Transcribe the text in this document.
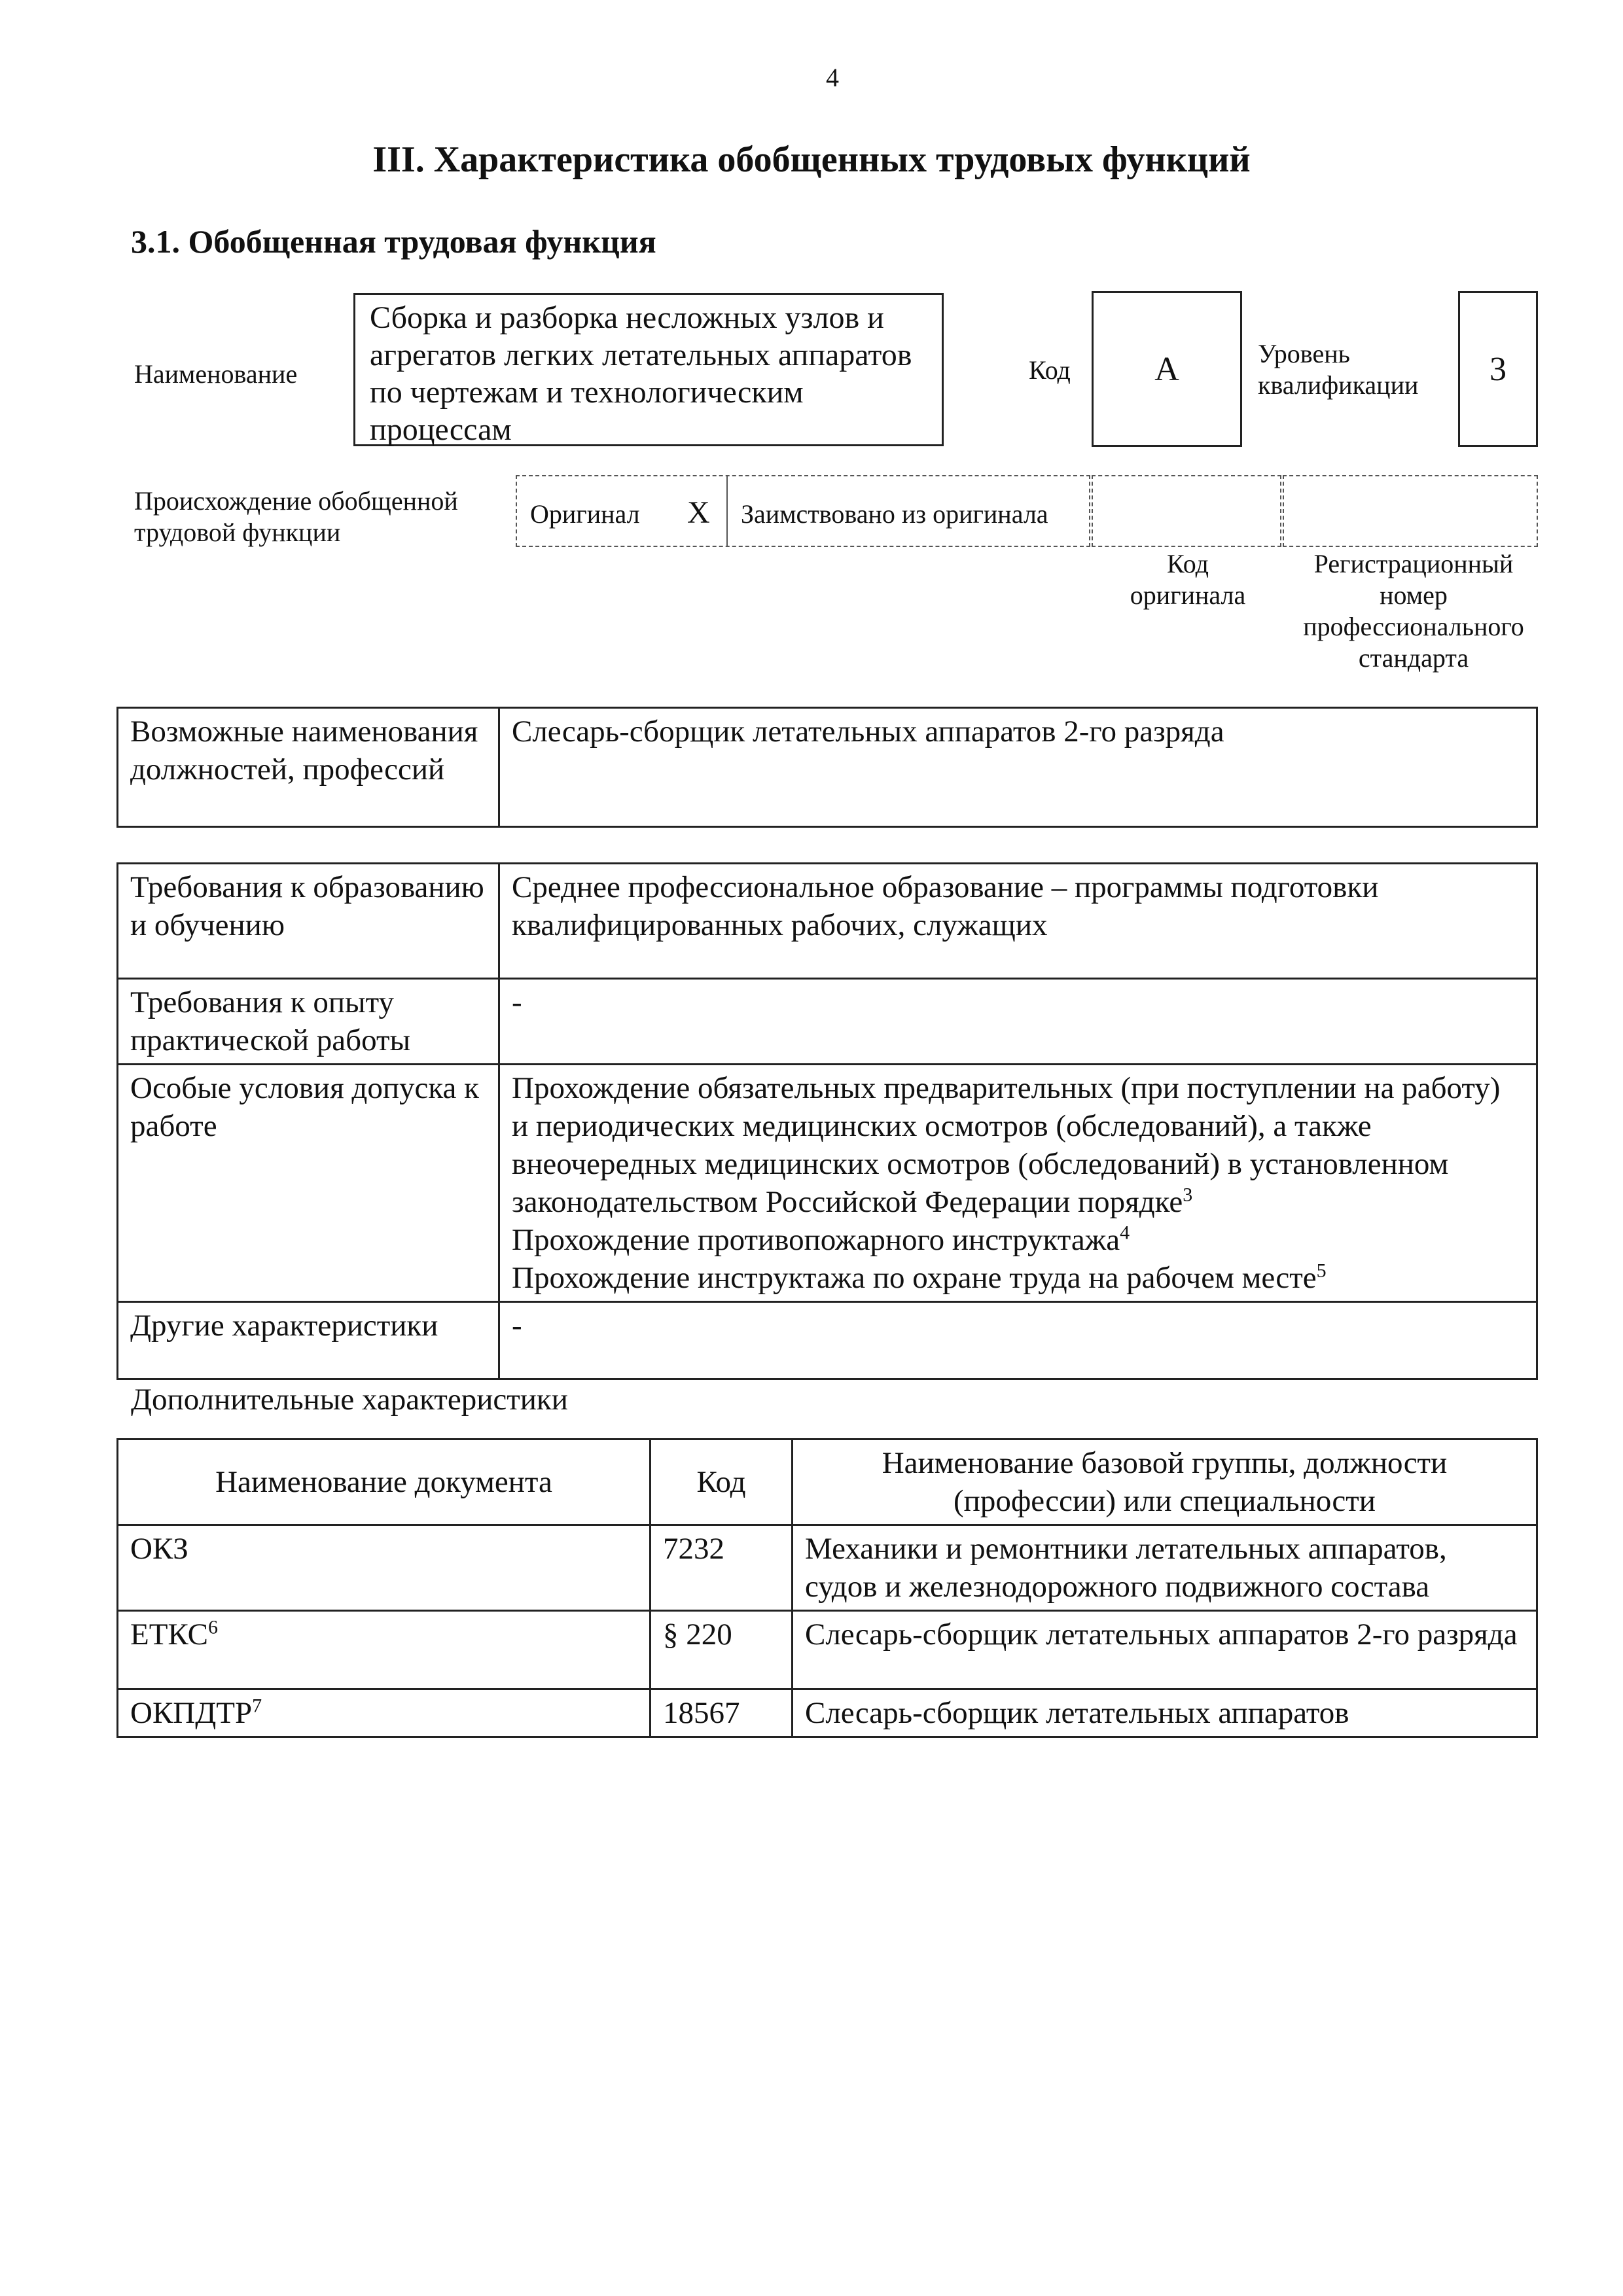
4
III. Характеристика обобщенных трудовых функций
3.1. Обобщенная трудовая функция
Наименование
Сборка и разборка несложных узлов и агрегатов легких летательных аппаратов по чертежам и технологическим процессам
Код А	Уровень квалификации 3
Происхождение обобщенной трудовой функции
Оригинал X Заимствовано из оригинала
Код оригинала
Регистрационный номер профессионального стандарта
Возможные наименования должностей, профессий	Слесарь-сборщик летательных аппаратов 2-го разряда
Требования к образованию и обучению	Среднее профессиональное образование – программы подготовки квалифицированных рабочих, служащих
Требования к опыту практической работы	-
Особые условия допуска к работе	Прохождение обязательных предварительных (при поступлении на работу) и периодических медицинских осмотров (обследований), а также внеочередных медицинских осмотров (обследований) в установленном законодательством Российской Федерации порядке$^3$
Прохождение противопожарного инструктажа$^4$
Прохождение инструктажа по охране труда на рабочем месте$^5$

Другие характеристики	-
Дополнительные характеристики
Наименование документа	Код	Наименование базовой группы, должности (профессии) или специальности
ОКЗ	7232	Механики и ремонтники летательных аппаратов, судов и железнодорожного подвижного состава
ЕТКС$^6$	§ 220	Слесарь-сборщик летательных аппаратов 2-го разряда
ОКПДТР$^7$	18567	Слесарь-сборщик летательных аппаратов
